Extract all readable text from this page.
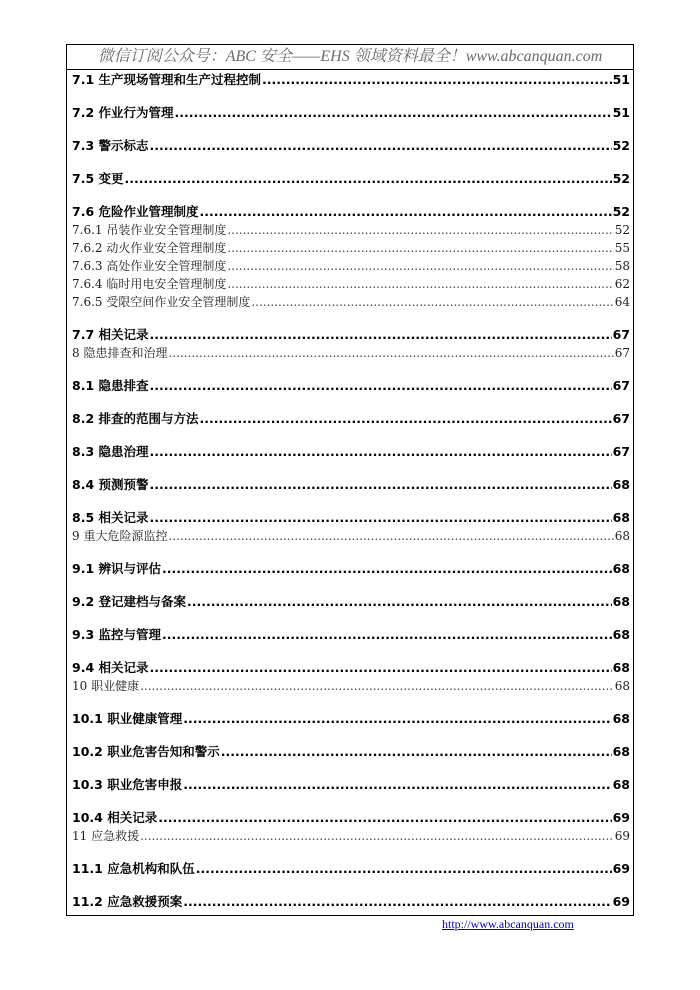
微信订阅公众号：ABC 安全——EHS 领域资料最全！www.abcanquan.com
7.1 生产现场管理和生产过程控制 .....	51
7.2 作业行为管理 .....	51
7.3 警示标志 .....	52
7.5 变更 .....	52
7.6 危险作业管理制度 .....	52
7.6.1 吊装作业安全管理制度 .....	52
7.6.2 动火作业安全管理制度 .....	55
7.6.3 高处作业安全管理制度 .....	58
7.6.4 临时用电安全管理制度 .....	62
7.6.5 受限空间作业安全管理制度 .....	64
7.7 相关记录 .....	67
8 隐患排查和治理 .....	67
8.1 隐患排查 .....	67
8.2 排查的范围与方法 .....	67
8.3 隐患治理 .....	67
8.4 预测预警 .....	68
8.5 相关记录 .....	68
9 重大危险源监控 .....	68
9.1 辨识与评估 .....	68
9.2 登记建档与备案 .....	68
9.3 监控与管理 .....	68
9.4 相关记录 .....	68
10 职业健康 .....	68
10.1 职业健康管理 .....	68
10.2 职业危害告知和警示 .....	68
10.3 职业危害申报 .....	68
10.4 相关记录 .....	69
11 应急救援 .....	69
11.1 应急机构和队伍 .....	69
11.2 应急救援预案 .....	69
http://www.abcanquan.com
